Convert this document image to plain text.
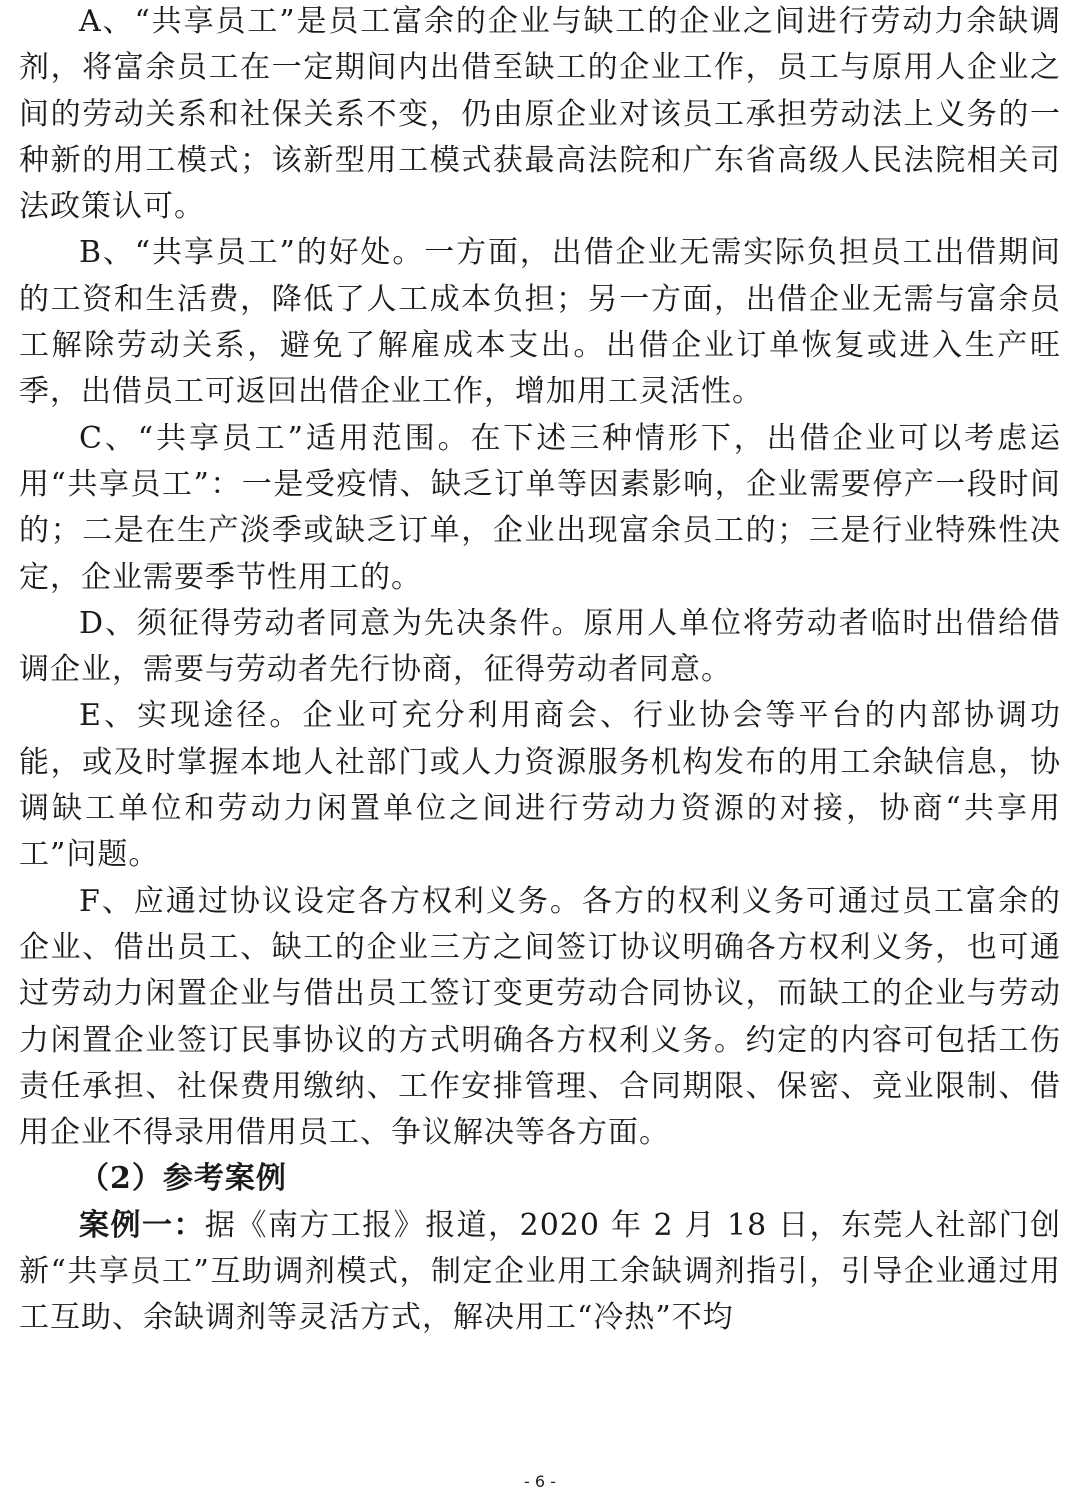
A、“共享员工”是员工富余的企业与缺工的企业之间进行劳动力余缺调剂，将富余员工在一定期间内出借至缺工的企业工作，员工与原用人企业之间的劳动关系和社保关系不变，仍由原企业对该员工承担劳动法上义务的一种新的用工模式；该新型用工模式获最高法院和广东省高级人民法院相关司法政策认可。

B、“共享员工”的好处。一方面，出借企业无需实际负担员工出借期间的工资和生活费，降低了人工成本负担；另一方面，出借企业无需与富余员工解除劳动关系，避免了解雇成本支出。出借企业订单恢复或进入生产旺季，出借员工可返回出借企业工作，增加用工灵活性。

C、“共享员工”适用范围。在下述三种情形下，出借企业可以考虑运用“共享员工”：一是受疫情、缺乏订单等因素影响，企业需要停产一段时间的；二是在生产淡季或缺乏订单，企业出现富余员工的；三是行业特殊性决定，企业需要季节性用工的。

D、须征得劳动者同意为先决条件。原用人单位将劳动者临时出借给借调企业，需要与劳动者先行协商，征得劳动者同意。

E、实现途径。企业可充分利用商会、行业协会等平台的内部协调功能，或及时掌握本地人社部门或人力资源服务机构发布的用工余缺信息，协调缺工单位和劳动力闲置单位之间进行劳动力资源的对接，协商“共享用工”问题。

F、应通过协议设定各方权利义务。各方的权利义务可通过员工富余的企业、借出员工、缺工的企业三方之间签订协议明确各方权利义务，也可通过劳动力闲置企业与借出员工签订变更劳动合同协议，而缺工的企业与劳动力闲置企业签订民事协议的方式明确各方权利义务。约定的内容可包括工伤责任承担、社保费用缴纳、工作安排管理、合同期限、保密、竞业限制、借用企业不得录用借用员工、争议解决等各方面。

（2）参考案例

案例一：据《南方工报》报道，2020 年 2 月 18 日，东莞人社部门创新“共享员工”互助调剂模式，制定企业用工余缺调剂指引，引导企业通过用工互助、余缺调剂等灵活方式，解决用工“冷热”不均

- 6 -
